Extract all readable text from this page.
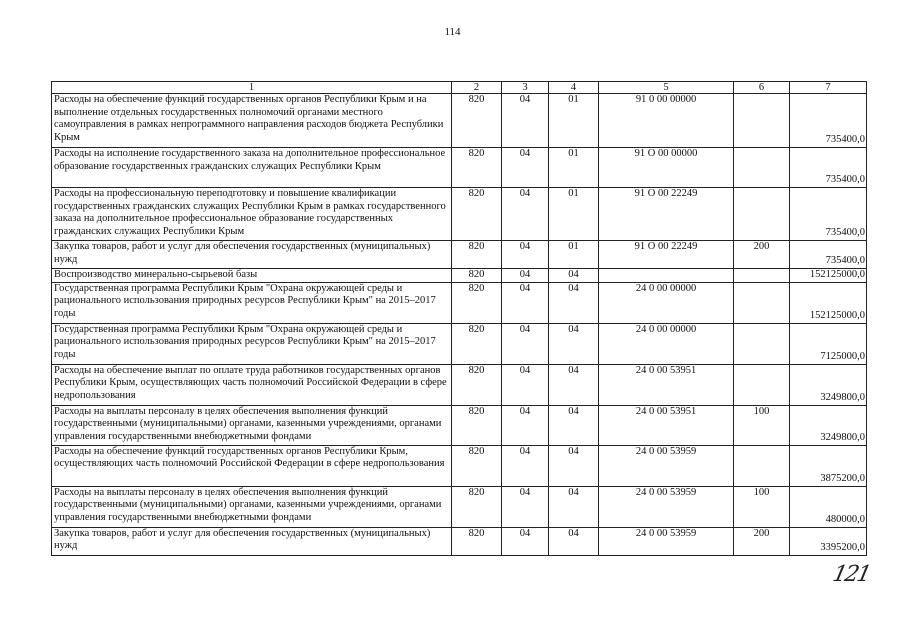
114
1	2	3	4	5	6	7
Расходы на обеспечение функций государственных органов Республики Крым и на выполнение отдельных государственных полномочий органами местного самоуправления в рамках непрограммного направления расходов бюджета Республики Крым	820	04	01	91 0 00 00000		735400,0
Расходы на исполнение государственного заказа на дополнительное профессиональное образование государственных гражданских служащих Республики Крым	820	04	01	91 О 00 00000		735400,0
Расходы на профессиональную переподготовку и повышение квалификации государственных гражданских служащих Республики Крым в рамках государственного заказа на дополнительное профессиональное образование государственных гражданских служащих Республики Крым	820	04	01	91 О 00 22249		735400,0
Закупка товаров, работ и услуг для обеспечения государственных (муниципальных) нужд	820	04	01	91 О 00 22249	200	735400,0
Воспроизводство минерально-сырьевой базы	820	04	04			152125000,0
Государственная программа Республики Крым "Охрана окружающей среды и рационального использования природных ресурсов Республики Крым" на 2015–2017 годы	820	04	04	24 0 00 00000		152125000,0
Государственная программа Республики Крым "Охрана окружающей среды и рационального использования природных ресурсов Республики Крым" на 2015–2017 годы	820	04	04	24 0 00 00000		7125000,0
Расходы на обеспечение выплат по оплате труда работников государственных органов Республики Крым, осуществляющих часть полномочий Российской Федерации в сфере недропользования	820	04	04	24 0 00 53951		3249800,0
Расходы на выплаты персоналу в целях обеспечения выполнения функций государственными (муниципальными) органами, казенными учреждениями, органами управления государственными внебюджетными фондами	820	04	04	24 0 00 53951	100	3249800,0
Расходы на обеспечение функций государственных органов Республики Крым, осуществляющих часть полномочий Российской Федерации в сфере недропользования	820	04	04	24 0 00 53959		3875200,0
Расходы на выплаты персоналу в целях обеспечения выполнения функций государственными (муниципальными) органами, казенными учреждениями, органами управления государственными внебюджетными фондами	820	04	04	24 0 00 53959	100	480000,0
Закупка товаров, работ и услуг для обеспечения государственных (муниципальных) нужд	820	04	04	24 0 00 53959	200	3395200,0
121
